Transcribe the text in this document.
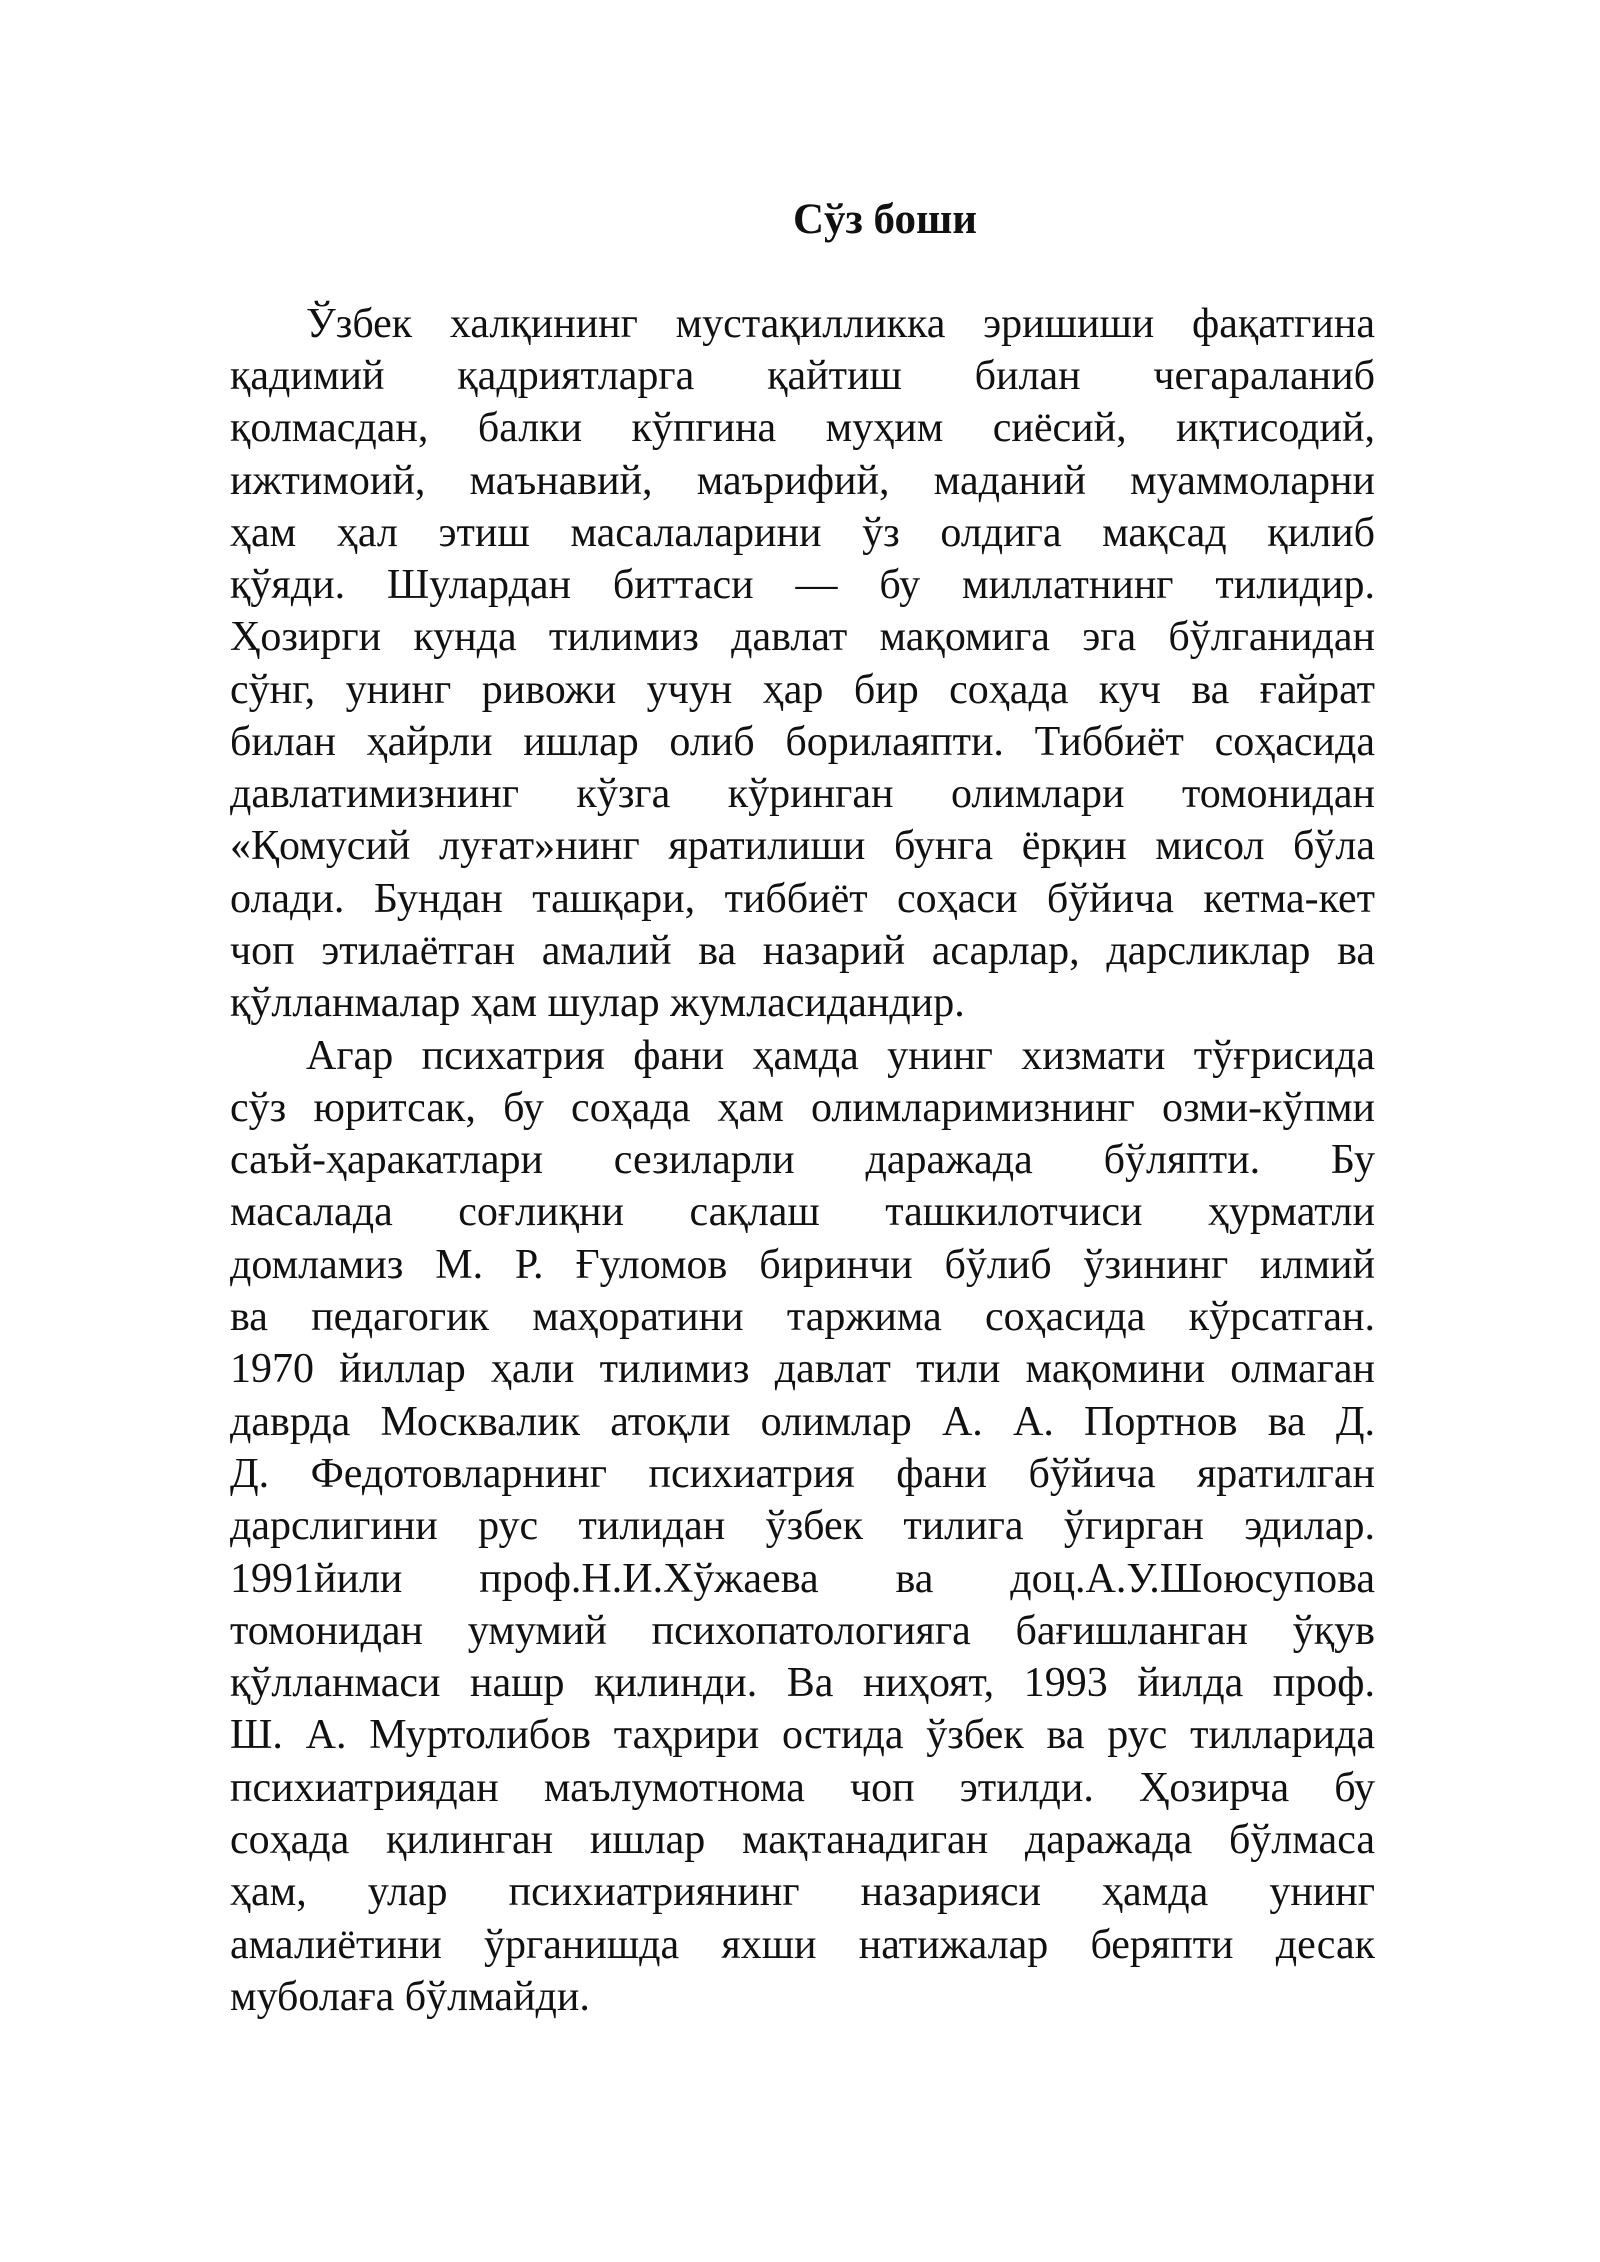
Сўз боши
Ўзбек халқининг мустақилликка эришиши фақатгина
қадимий қадриятларга қайтиш билан чегараланиб
қолмасдан, балки кўпгина муҳим сиёсий, иқтисодий,
ижтимоий, маънавий, маърифий, маданий муаммоларни
ҳам ҳал этиш масалаларини ўз олдига мақсад қилиб
қўяди. Шулардан биттаси — бу миллатнинг тилидир.
Ҳозирги кунда тилимиз давлат мақомига эга бўлганидан
сўнг, унинг ривожи учун ҳар бир соҳада куч ва ғайрат
билан ҳайрли ишлар олиб борилаяпти. Тиббиёт соҳасида
давлатимизнинг кўзга кўринган олимлари томонидан
«Қомусий луғат»нинг яратилиши бунга ёрқин мисол бўла
олади. Бундан ташқари, тиббиёт соҳаси бўйича кетма-кет
чоп этилаётган амалий ва назарий асарлар, дарсликлар ва
қўлланмалар ҳам шулар жумласидандир.
Агар психатрия фани ҳамда унинг хизмати тўғрисида
сўз юритсак, бу соҳада ҳам олимларимизнинг озми-кўпми
саъй-ҳаракатлари сезиларли даражада бўляпти. Бу
масалада соғлиқни сақлаш ташкилотчиси ҳурматли
домламиз М. Р. Ғуломов биринчи бўлиб ўзининг илмий
ва педагогик маҳоратини таржима соҳасида кўрсатган.
1970 йиллар ҳали тилимиз давлат тили мақомини олмаган
даврда Москвалик атоқли олимлар А. А. Портнов ва Д.
Д. Федотовларнинг психиатрия фани бўйича яратилган
дарслигини рус тилидан ўзбек тилига ўгирган эдилар.
1991йили проф.Н.И.Хўжаева ва доц.А.У.Шоюсупова
томонидан умумий психопатологияга бағишланган ўқув
қўлланмаси нашр қилинди. Ва ниҳоят, 1993 йилда проф.
Ш. А. Муртолибов таҳрири остида ўзбек ва рус тилларида
психиатриядан маълумотнома чоп этилди. Ҳозирча бу
соҳада қилинган ишлар мақтанадиган даражада бўлмаса
ҳам, улар психиатриянинг назарияси ҳамда унинг
амалиётини ўрганишда яхши натижалар беряпти десак
муболаға бўлмайди.
